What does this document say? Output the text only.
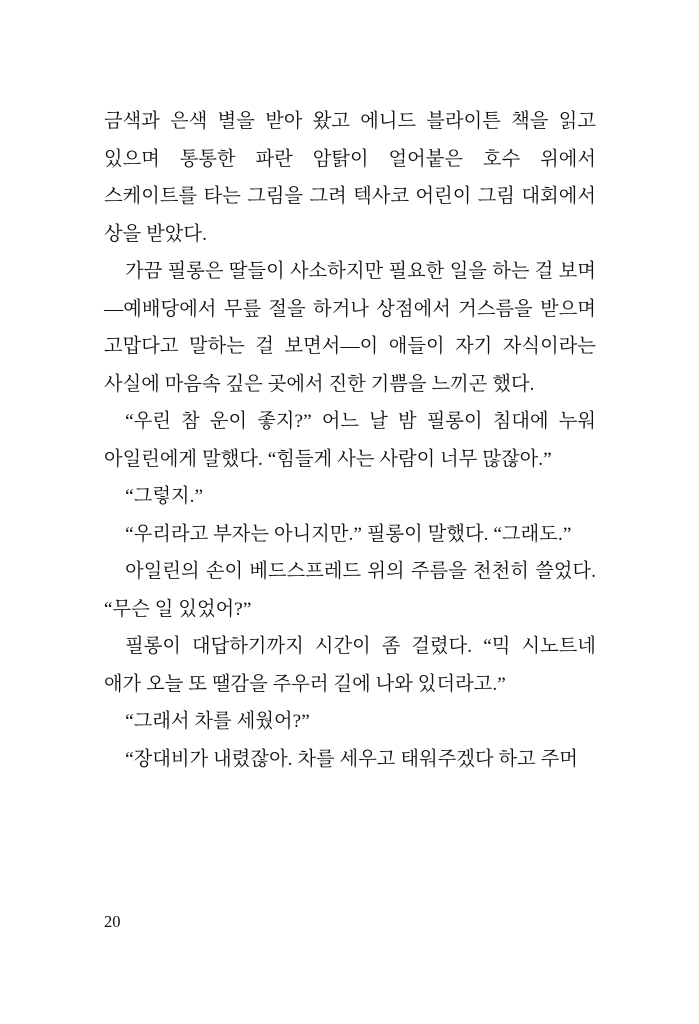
금색과 은색 별을 받아 왔고 에니드 블라이튼 책을 읽고 있으며 통통한 파란 암탉이 얼어붙은 호수 위에서 스케이트를 타는 그림을 그려 텍사코 어린이 그림 대회에서 상을 받았다.

가끔 필롱은 딸들이 사소하지만 필요한 일을 하는 걸 보며―예배당에서 무릎 절을 하거나 상점에서 거스름을 받으며 고맙다고 말하는 걸 보면서―이 애들이 자기 자식이라는 사실에 마음속 깊은 곳에서 진한 기쁨을 느끼곤 했다.

“우린 참 운이 좋지?” 어느 날 밤 필롱이 침대에 누워 아일린에게 말했다. “힘들게 사는 사람이 너무 많잖아.”

“그렇지.”

“우리라고 부자는 아니지만.” 필롱이 말했다. “그래도.”

아일린의 손이 베드스프레드 위의 주름을 천천히 쓸었다. “무슨 일 있었어?”

필롱이 대답하기까지 시간이 좀 걸렸다. “믹 시노트네 애가 오늘 또 땔감을 주우러 길에 나와 있더라고.”

“그래서 차를 세웠어?”

“장대비가 내렸잖아. 차를 세우고 태워주겠다 하고 주머

20
